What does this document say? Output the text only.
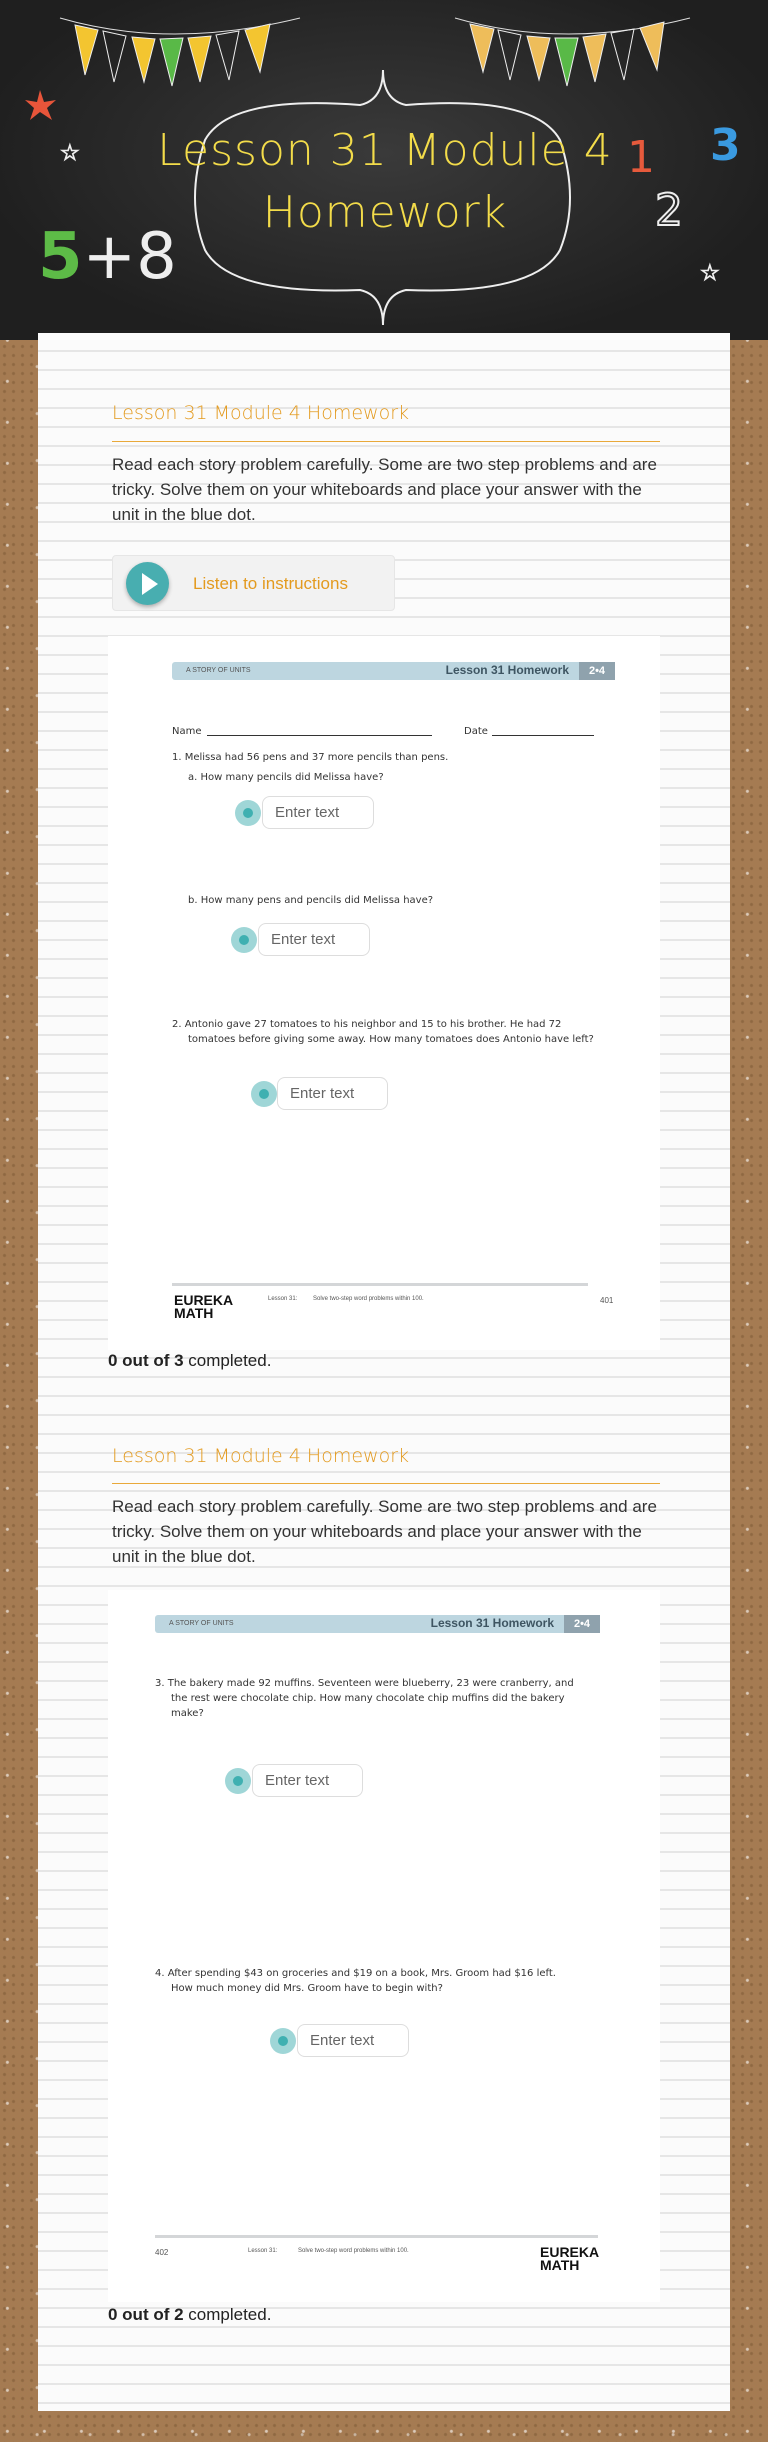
☆
☆
3
2
1
5+8
Lesson 31 Module 4
Homework
Lesson 31 Module 4 Homework
Read each story problem carefully. Some are two step problems and are tricky. Solve them on your whiteboards and place your answer with the unit in the blue dot.
Listen to instructions
A STORY OF UNITS	Lesson 31 Homework	2•4
Name	Date
1. Melissa had 56 pens and 37 more pencils than pens.
a. How many pencils did Melissa have?
b. How many pens and pencils did Melissa have?
2. Antonio gave 27 tomatoes to his neighbor and 15 to his brother. He had 72
tomatoes before giving some away. How many tomatoes does Antonio have left?
EUREKA MATH
Lesson 31:	Solve two-step word problems within 100.	401
Enter text
Enter text
Enter text
0 out of 3 completed.
Lesson 31 Module 4 Homework
Read each story problem carefully. Some are two step problems and are tricky. Solve them on your whiteboards and place your answer with the unit in the blue dot.
A STORY OF UNITS	Lesson 31 Homework	2•4
3. The bakery made 92 muffins. Seventeen were blueberry, 23 were cranberry, and
the rest were chocolate chip. How many chocolate chip muffins did the bakery
make?
4. After spending $43 on groceries and $19 on a book, Mrs. Groom had $16 left.
How much money did Mrs. Groom have to begin with?
402	Lesson 31:	Solve two-step word problems within 100.	EUREKA MATH
Enter text
Enter text
0 out of 2 completed.
